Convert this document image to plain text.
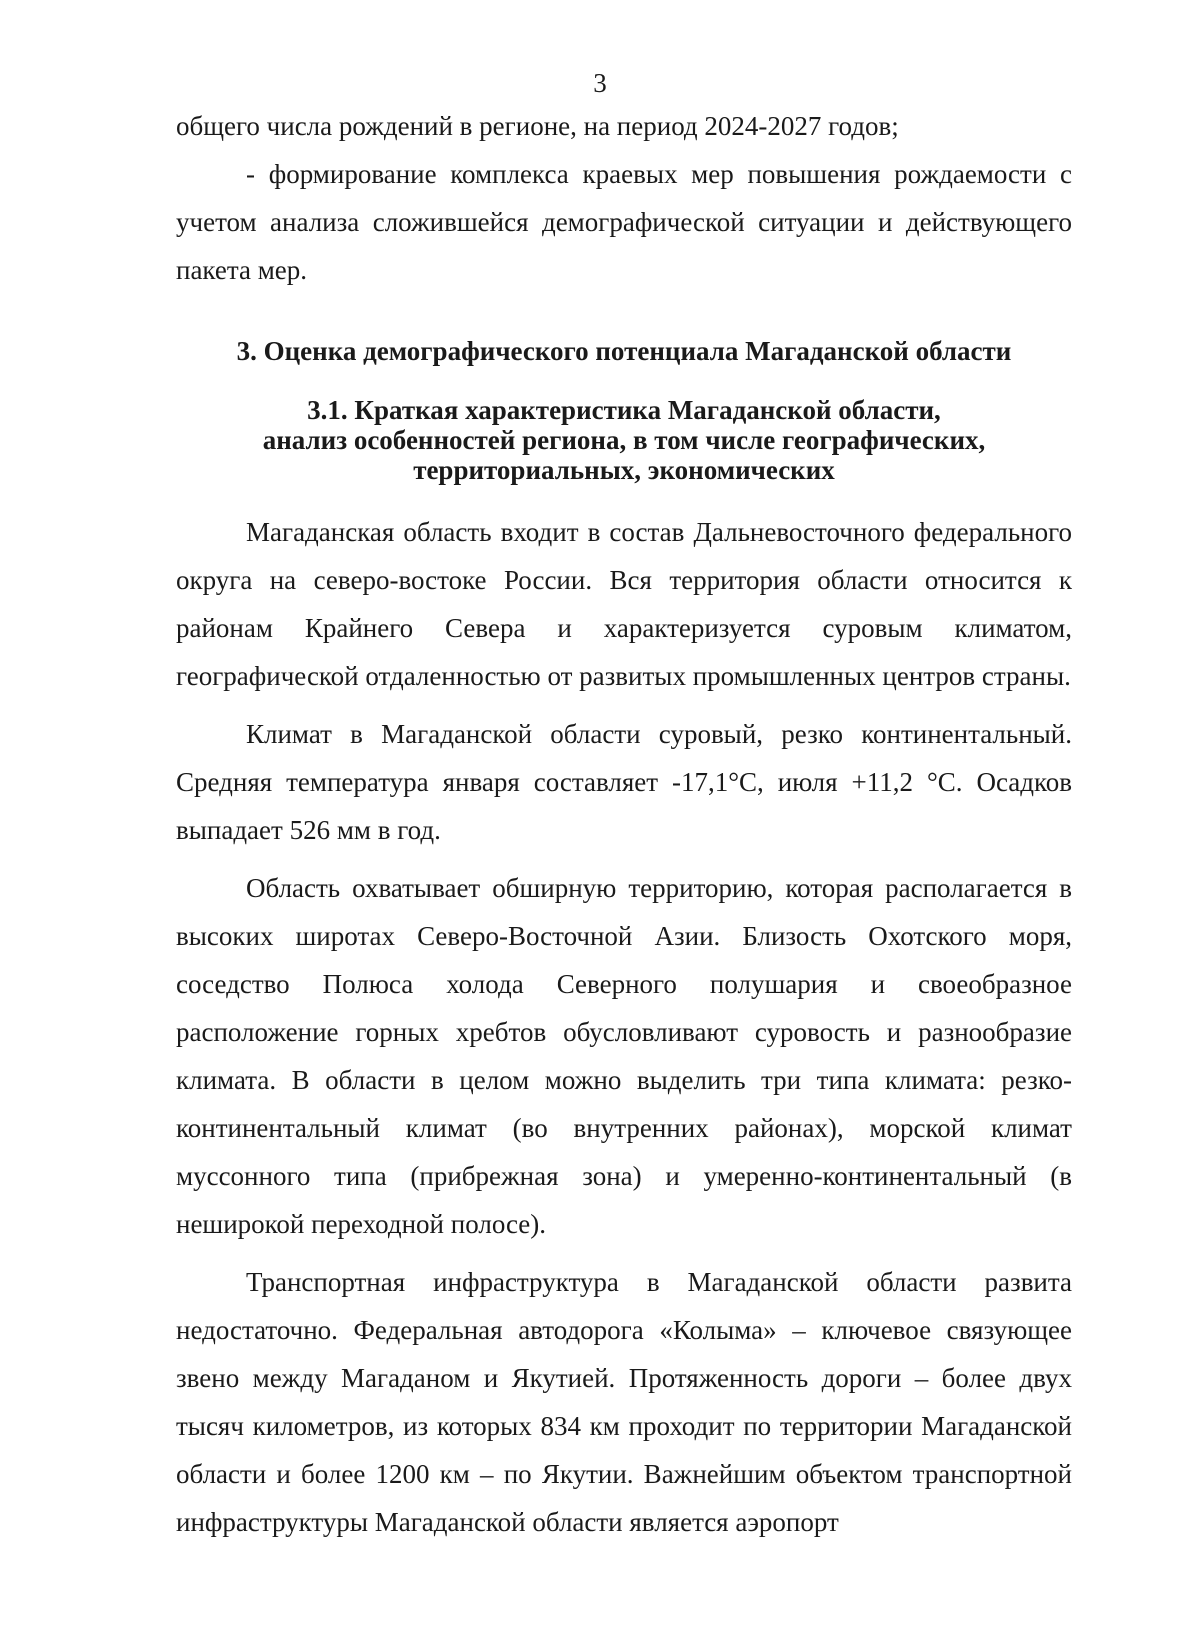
3

общего числа рождений в регионе, на период 2024-2027 годов;

- формирование комплекса краевых мер повышения рождаемости с учетом анализа сложившейся демографической ситуации и действующего пакета мер.

3. Оценка демографического потенциала Магаданской области
3.1. Краткая характеристика Магаданской области,
анализ особенностей региона, в том числе географических,
территориальных, экономических

Магаданская область входит в состав Дальневосточного федерального округа на северо-востоке России. Вся территория области относится к районам Крайнего Севера и характеризуется суровым климатом, географической отдаленностью от развитых промышленных центров страны.

Климат в Магаданской области суровый, резко континентальный. Средняя температура января составляет -17,1°С, июля +11,2 °С. Осадков выпадает 526 мм в год.

Область охватывает обширную территорию, которая располагается в высоких широтах Северо-Восточной Азии. Близость Охотского моря, соседство Полюса холода Северного полушария и своеобразное расположение горных хребтов обусловливают суровость и разнообразие климата. В области в целом можно выделить три типа климата: резко-континентальный климат (во внутренних районах), морской климат муссонного типа (прибрежная зона) и умеренно-континентальный (в неширокой переходной полосе).

Транспортная инфраструктура в Магаданской области развита недостаточно. Федеральная автодорога «Колыма» – ключевое связующее звено между Магаданом и Якутией. Протяженность дороги – более двух тысяч километров, из которых 834 км проходит по территории Магаданской области и более 1200 км – по Якутии. Важнейшим объектом транспортной инфраструктуры Магаданской области является аэропорт
